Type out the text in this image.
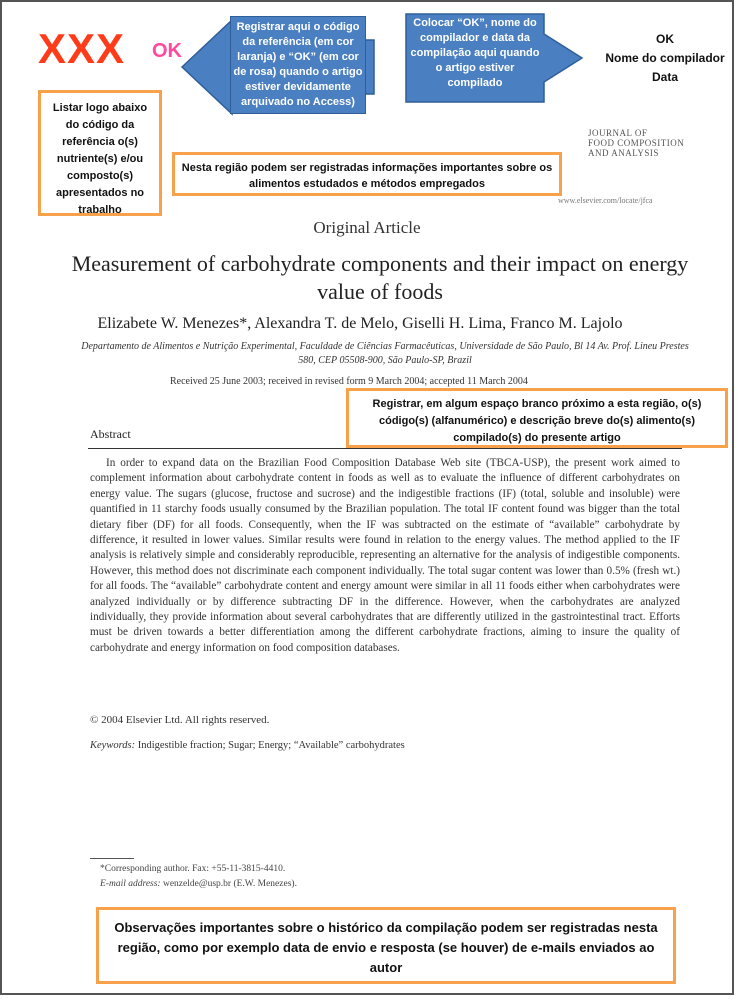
XXX OK
Registrar aqui o código da referência (em cor laranja) e “OK” (em cor de rosa) quando o artigo estiver devidamente arquivado no Access)
Colocar “OK”, nome do compilador e data da compilação aqui quando o artigo estiver compilado
OK
Nome do compilador
Data
Listar logo abaixo do código da referência o(s) nutriente(s) e/ou composto(s) apresentados no trabalho
Nesta região podem ser registradas informações importantes sobre os alimentos estudados e métodos empregados
JOURNAL OF
FOOD COMPOSITION
AND ANALYSIS
www.elsevier.com/locate/jfca
Original Article
Measurement of carbohydrate components and their impact on energy value of foods
Elizabete W. Menezes*, Alexandra T. de Melo, Giselli H. Lima, Franco M. Lajolo
Departamento de Alimentos e Nutrição Experimental, Faculdade de Ciências Farmacêuticas, Universidade de São Paulo, Bl 14 Av. Prof. Lineu Prestes 580, CEP 05508-900, São Paulo-SP, Brazil
Received 25 June 2003; received in revised form 9 March 2004; accepted 11 March 2004
Registrar, em algum espaço branco próximo a esta região, o(s) código(s) (alfanumérico) e descrição breve do(s) alimento(s) compilado(s) do presente artigo
Abstract
In order to expand data on the Brazilian Food Composition Database Web site (TBCA-USP), the present work aimed to complement information about carbohydrate content in foods as well as to evaluate the influence of different carbohydrates on energy value. The sugars (glucose, fructose and sucrose) and the indigestible fractions (IF) (total, soluble and insoluble) were quantified in 11 starchy foods usually consumed by the Brazilian population. The total IF content found was bigger than the total dietary fiber (DF) for all foods. Consequently, when the IF was subtracted on the estimate of “available” carbohydrate by difference, it resulted in lower values. Similar results were found in relation to the energy values. The method applied to the IF analysis is relatively simple and considerably reproducible, representing an alternative for the analysis of indigestible components. However, this method does not discriminate each component individually. The total sugar content was lower than 0.5% (fresh wt.) for all foods. The “available” carbohydrate content and energy amount were similar in all 11 foods either when carbohydrates were analyzed individually or by difference subtracting DF in the difference. However, when the carbohydrates are analyzed individually, they provide information about several carbohydrates that are differently utilized in the gastrointestinal tract. Efforts must be driven towards a better differentiation among the different carbohydrate fractions, aiming to insure the quality of carbohydrate and energy information on food composition databases.
© 2004 Elsevier Ltd. All rights reserved.
Keywords: Indigestible fraction; Sugar; Energy; “Available” carbohydrates
*Corresponding author. Fax: +55-11-3815-4410.
E-mail address: wenzelde@usp.br (E.W. Menezes).
Observações importantes sobre o histórico da compilação podem ser registradas nesta região, como por exemplo data de envio e resposta (se houver) de e-mails enviados ao autor
